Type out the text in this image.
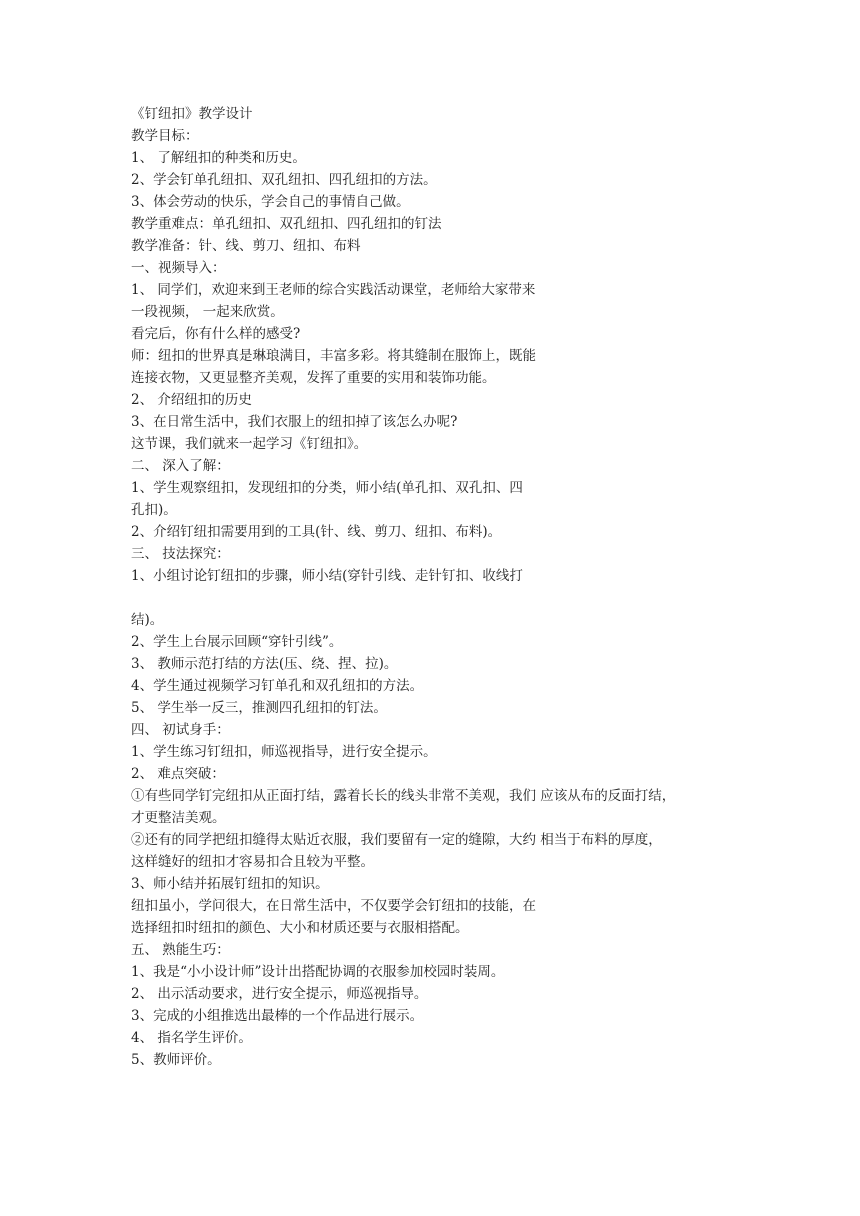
《钉纽扣》教学设计
教学目标：
1、 了解纽扣的种类和历史。
2、学会钉单孔纽扣、双孔纽扣、四孔纽扣的方法。
3、体会劳动的快乐，学会自己的事情自己做。
教学重难点：单孔纽扣、双孔纽扣、四孔纽扣的钉法
教学准备：针、线、剪刀、纽扣、布料
一、视频导入：
1、 同学们，欢迎来到王老师的综合实践活动课堂，老师给大家带来
一段视频， 一起来欣赏。
看完后，你有什么样的感受?
师：纽扣的世界真是琳琅满目，丰富多彩。将其缝制在服饰上，既能
连接衣物，又更显整齐美观，发挥了重要的实用和装饰功能。
2、 介绍纽扣的历史
3、在日常生活中，我们衣服上的纽扣掉了该怎么办呢?
这节课，我们就来一起学习《钉纽扣》。
二、 深入了解：
1、学生观察纽扣，发现纽扣的分类，师小结(单孔扣、双孔扣、四
孔扣)。
2、介绍钉纽扣需要用到的工具(针、线、剪刀、纽扣、布料)。
三、 技法探究：
1、小组讨论钉纽扣的步骤，师小结(穿针引线、走针钉扣、收线打
结)。
2、学生上台展示回顾“穿针引线”。
3、 教师示范打结的方法(压、绕、捏、拉)。
4、学生通过视频学习钉单孔和双孔纽扣的方法。
5、 学生举一反三，推测四孔纽扣的钉法。
四、 初试身手：
1、学生练习钉纽扣，师巡视指导，进行安全提示。
2、 难点突破：
①有些同学钉完纽扣从正面打结，露着长长的线头非常不美观，我们 应该从布的反面打结，
才更整洁美观。
②还有的同学把纽扣缝得太贴近衣服，我们要留有一定的缝隙，大约 相当于布料的厚度，
这样缝好的纽扣才容易扣合且较为平整。
3、师小结并拓展钉纽扣的知识。
纽扣虽小，学问很大，在日常生活中，不仅要学会钉纽扣的技能，在
选择纽扣时纽扣的颜色、大小和材质还要与衣服相搭配。
五、 熟能生巧：
1、我是“小小设计师”设计出搭配协调的衣服参加校园时装周。
2、 出示活动要求，进行安全提示，师巡视指导。
3、完成的小组推选出最棒的一个作品进行展示。
4、 指名学生评价。
5、教师评价。
